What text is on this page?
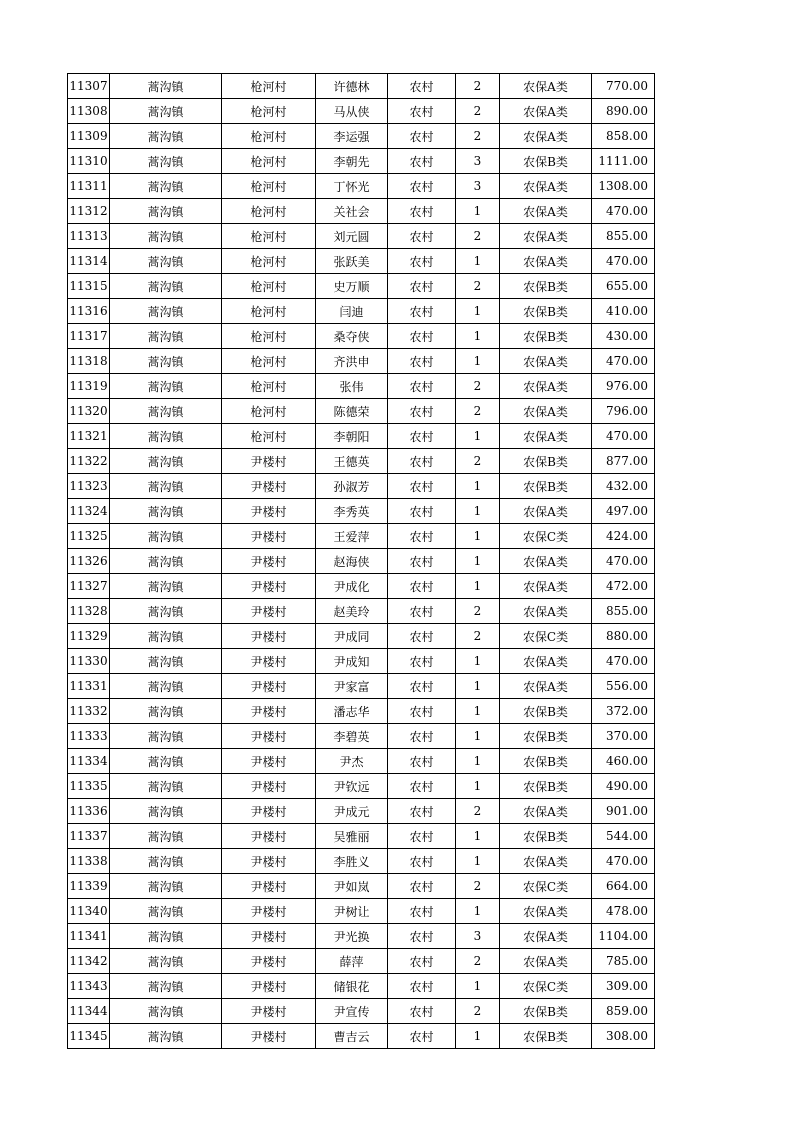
11307	蒿沟镇	枪河村	许德林	农村	2	农保A类	770.00
11308	蒿沟镇	枪河村	马从侠	农村	2	农保A类	890.00
11309	蒿沟镇	枪河村	李运强	农村	2	农保A类	858.00
11310	蒿沟镇	枪河村	李朝先	农村	3	农保B类	1111.00
11311	蒿沟镇	枪河村	丁怀光	农村	3	农保A类	1308.00
11312	蒿沟镇	枪河村	关社会	农村	1	农保A类	470.00
11313	蒿沟镇	枪河村	刘元圆	农村	2	农保A类	855.00
11314	蒿沟镇	枪河村	张跃美	农村	1	农保A类	470.00
11315	蒿沟镇	枪河村	史万顺	农村	2	农保B类	655.00
11316	蒿沟镇	枪河村	闫迪	农村	1	农保B类	410.00
11317	蒿沟镇	枪河村	桑夺侠	农村	1	农保B类	430.00
11318	蒿沟镇	枪河村	齐洪申	农村	1	农保A类	470.00
11319	蒿沟镇	枪河村	张伟	农村	2	农保A类	976.00
11320	蒿沟镇	枪河村	陈德荣	农村	2	农保A类	796.00
11321	蒿沟镇	枪河村	李朝阳	农村	1	农保A类	470.00
11322	蒿沟镇	尹楼村	王德英	农村	2	农保B类	877.00
11323	蒿沟镇	尹楼村	孙淑芳	农村	1	农保B类	432.00
11324	蒿沟镇	尹楼村	李秀英	农村	1	农保A类	497.00
11325	蒿沟镇	尹楼村	王爱萍	农村	1	农保C类	424.00
11326	蒿沟镇	尹楼村	赵海侠	农村	1	农保A类	470.00
11327	蒿沟镇	尹楼村	尹成化	农村	1	农保A类	472.00
11328	蒿沟镇	尹楼村	赵美玲	农村	2	农保A类	855.00
11329	蒿沟镇	尹楼村	尹成同	农村	2	农保C类	880.00
11330	蒿沟镇	尹楼村	尹成知	农村	1	农保A类	470.00
11331	蒿沟镇	尹楼村	尹家富	农村	1	农保A类	556.00
11332	蒿沟镇	尹楼村	潘志华	农村	1	农保B类	372.00
11333	蒿沟镇	尹楼村	李碧英	农村	1	农保B类	370.00
11334	蒿沟镇	尹楼村	尹杰	农村	1	农保B类	460.00
11335	蒿沟镇	尹楼村	尹钦远	农村	1	农保B类	490.00
11336	蒿沟镇	尹楼村	尹成元	农村	2	农保A类	901.00
11337	蒿沟镇	尹楼村	吴雅丽	农村	1	农保B类	544.00
11338	蒿沟镇	尹楼村	李胜义	农村	1	农保A类	470.00
11339	蒿沟镇	尹楼村	尹如岚	农村	2	农保C类	664.00
11340	蒿沟镇	尹楼村	尹树让	农村	1	农保A类	478.00
11341	蒿沟镇	尹楼村	尹光换	农村	3	农保A类	1104.00
11342	蒿沟镇	尹楼村	薛萍	农村	2	农保A类	785.00
11343	蒿沟镇	尹楼村	储银花	农村	1	农保C类	309.00
11344	蒿沟镇	尹楼村	尹宣传	农村	2	农保B类	859.00
11345	蒿沟镇	尹楼村	曹吉云	农村	1	农保B类	308.00
